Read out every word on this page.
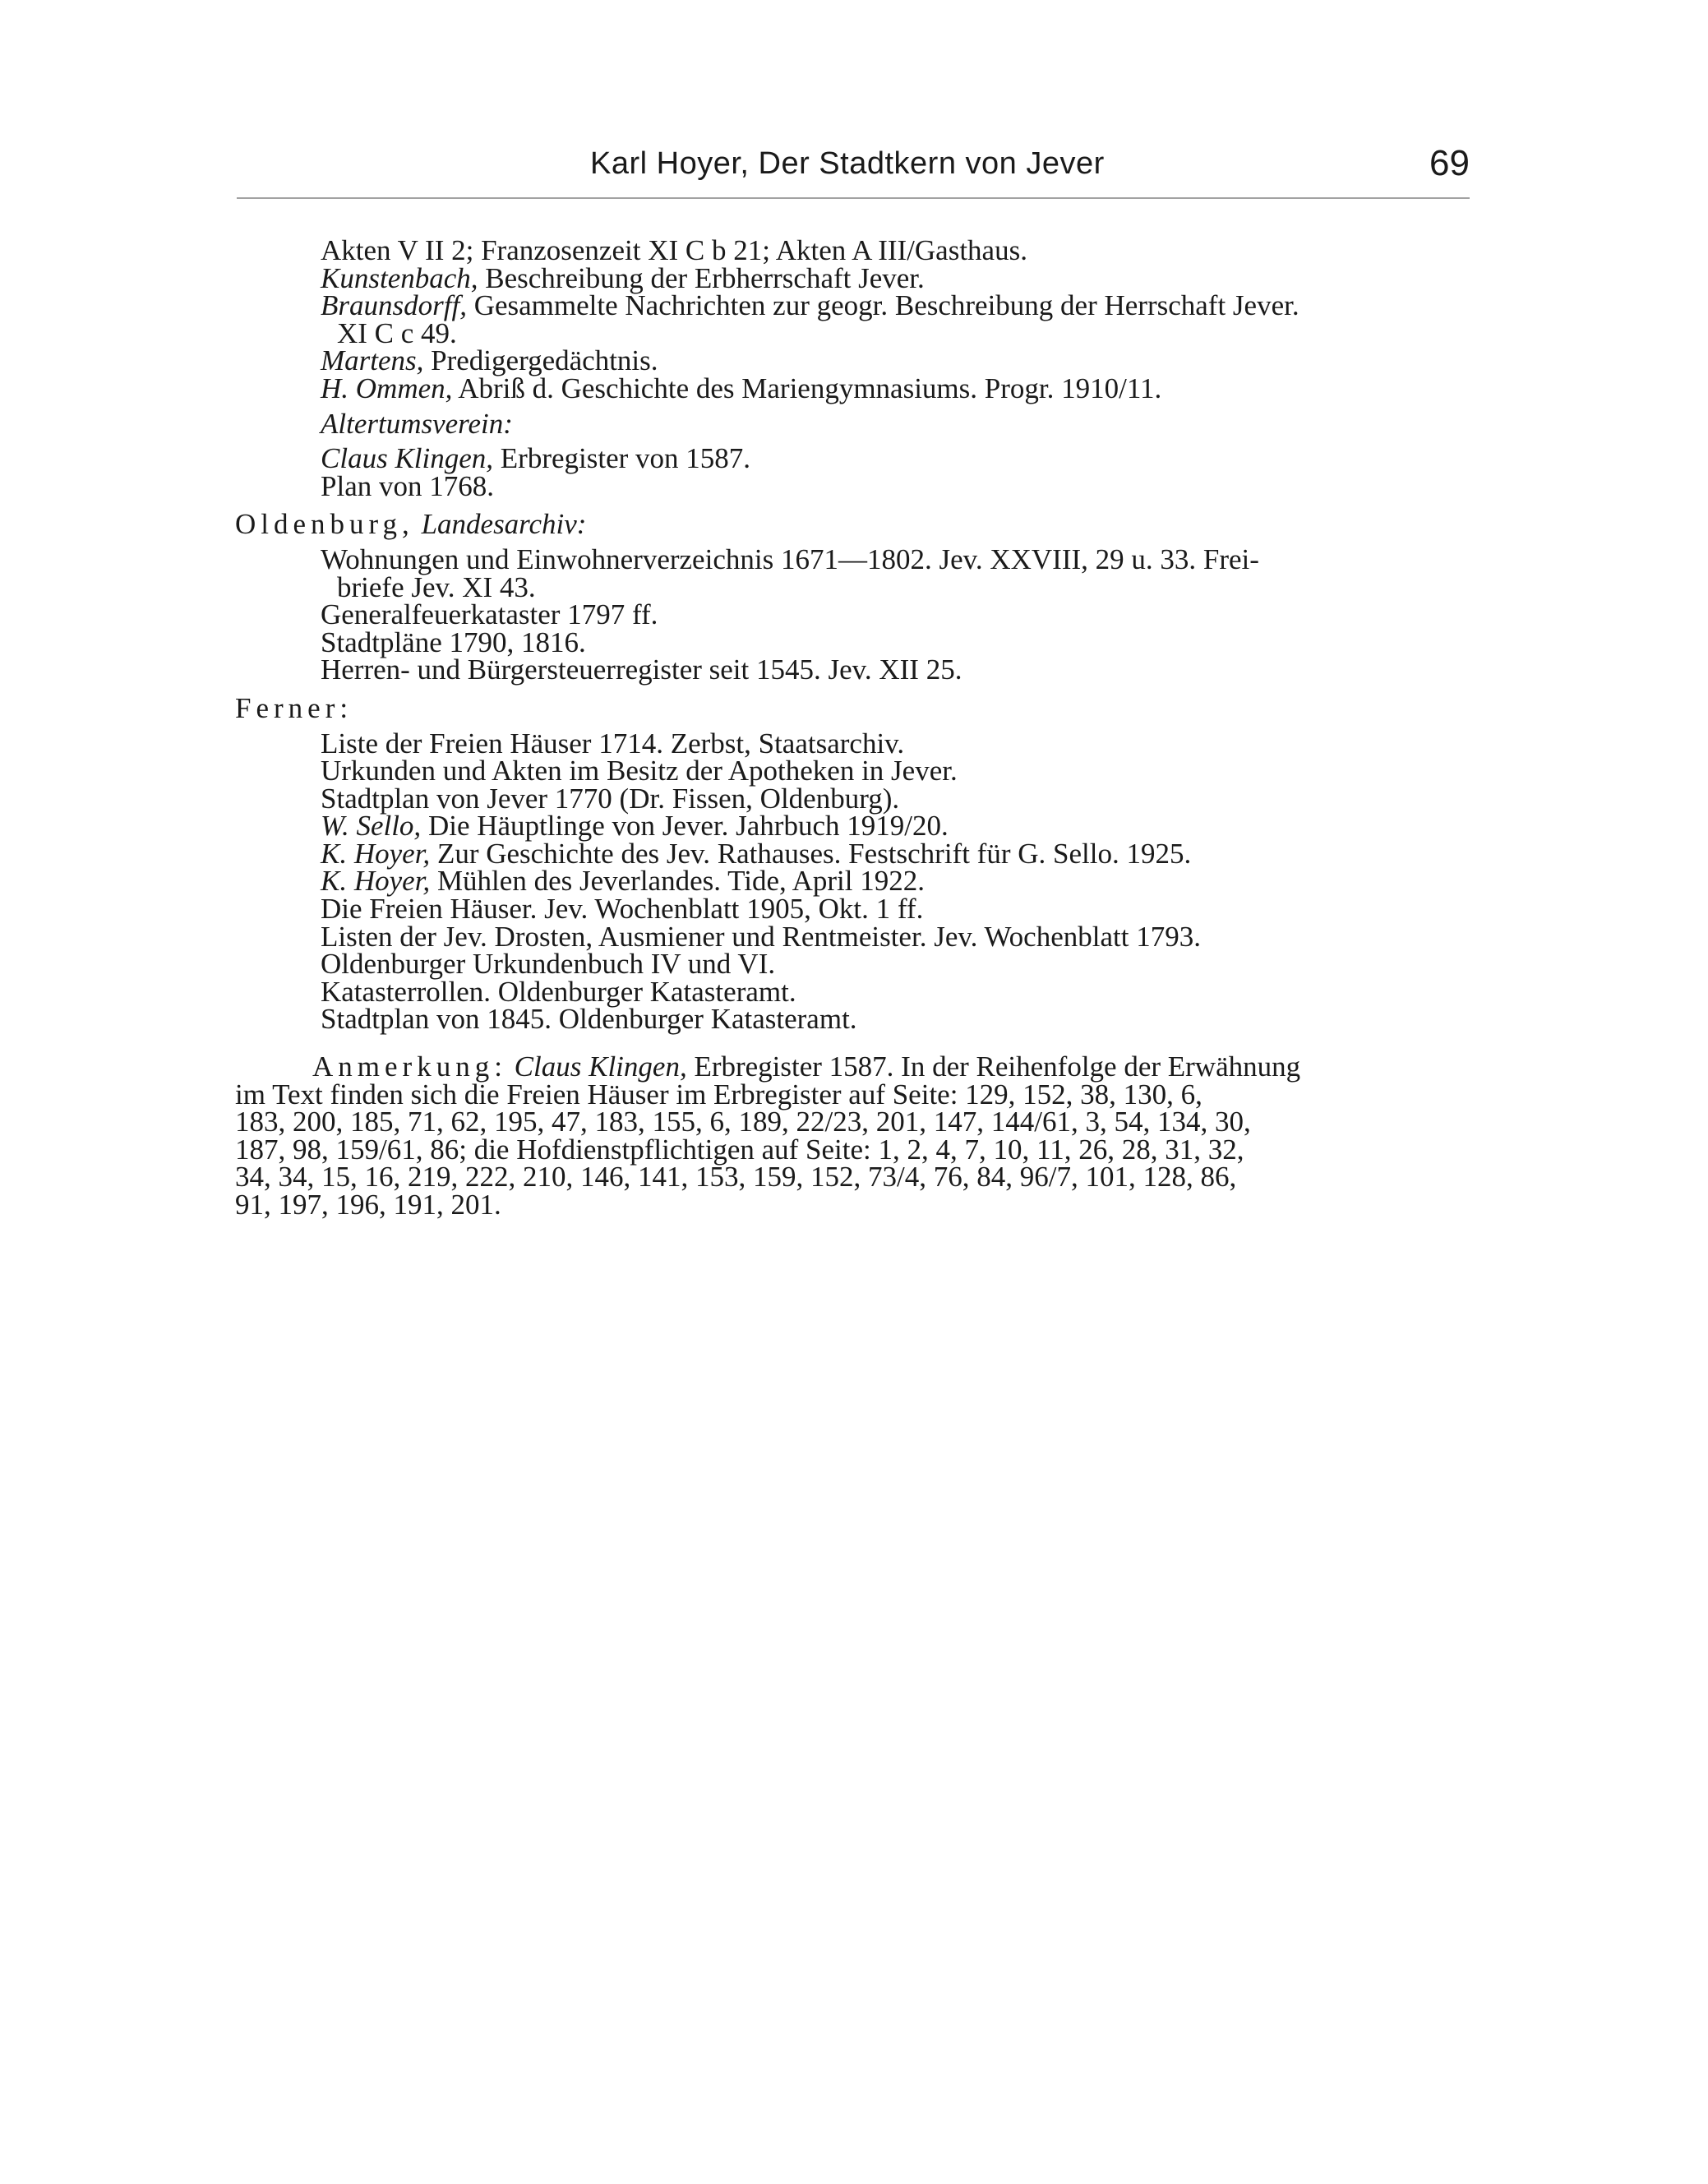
Karl Hoyer, Der Stadtkern von Jever	69
Akten V II 2; Franzosenzeit XI C b 21; Akten A III/Gasthaus.
Kunstenbach, Beschreibung der Erbherrschaft Jever.
Braunsdorff, Gesammelte Nachrichten zur geogr. Beschreibung der Herrschaft Jever.
XI C c 49.
Martens, Predigergedächtnis.
H. Ommen, Abriß d. Geschichte des Mariengymnasiums. Progr. 1910/11.
Altertumsverein:
Claus Klingen, Erbregister von 1587.
Plan von 1768.
Oldenburg, Landesarchiv:
Wohnungen und Einwohnerverzeichnis 1671—1802. Jev. XXVIII, 29 u. 33. Frei-
briefe Jev. XI 43.
Generalfeuerkataster 1797 ff.
Stadtpläne 1790, 1816.
Herren- und Bürgersteuerregister seit 1545. Jev. XII 25.
Ferner:
Liste der Freien Häuser 1714. Zerbst, Staatsarchiv.
Urkunden und Akten im Besitz der Apotheken in Jever.
Stadtplan von Jever 1770 (Dr. Fissen, Oldenburg).
W. Sello, Die Häuptlinge von Jever. Jahrbuch 1919/20.
K. Hoyer, Zur Geschichte des Jev. Rathauses. Festschrift für G. Sello. 1925.
K. Hoyer, Mühlen des Jeverlandes. Tide, April 1922.
Die Freien Häuser. Jev. Wochenblatt 1905, Okt. 1 ff.
Listen der Jev. Drosten, Ausmiener und Rentmeister. Jev. Wochenblatt 1793.
Oldenburger Urkundenbuch IV und VI.
Katasterrollen. Oldenburger Katasteramt.
Stadtplan von 1845. Oldenburger Katasteramt.
Anmerkung: Claus Klingen, Erbregister 1587. In der Reihenfolge der Erwähnung
im Text finden sich die Freien Häuser im Erbregister auf Seite: 129, 152, 38, 130, 6,
183, 200, 185, 71, 62, 195, 47, 183, 155, 6, 189, 22/23, 201, 147, 144/61, 3, 54, 134, 30,
187, 98, 159/61, 86; die Hofdienstpflichtigen auf Seite: 1, 2, 4, 7, 10, 11, 26, 28, 31, 32,
34, 34, 15, 16, 219, 222, 210, 146, 141, 153, 159, 152, 73/4, 76, 84, 96/7, 101, 128, 86,
91, 197, 196, 191, 201.
